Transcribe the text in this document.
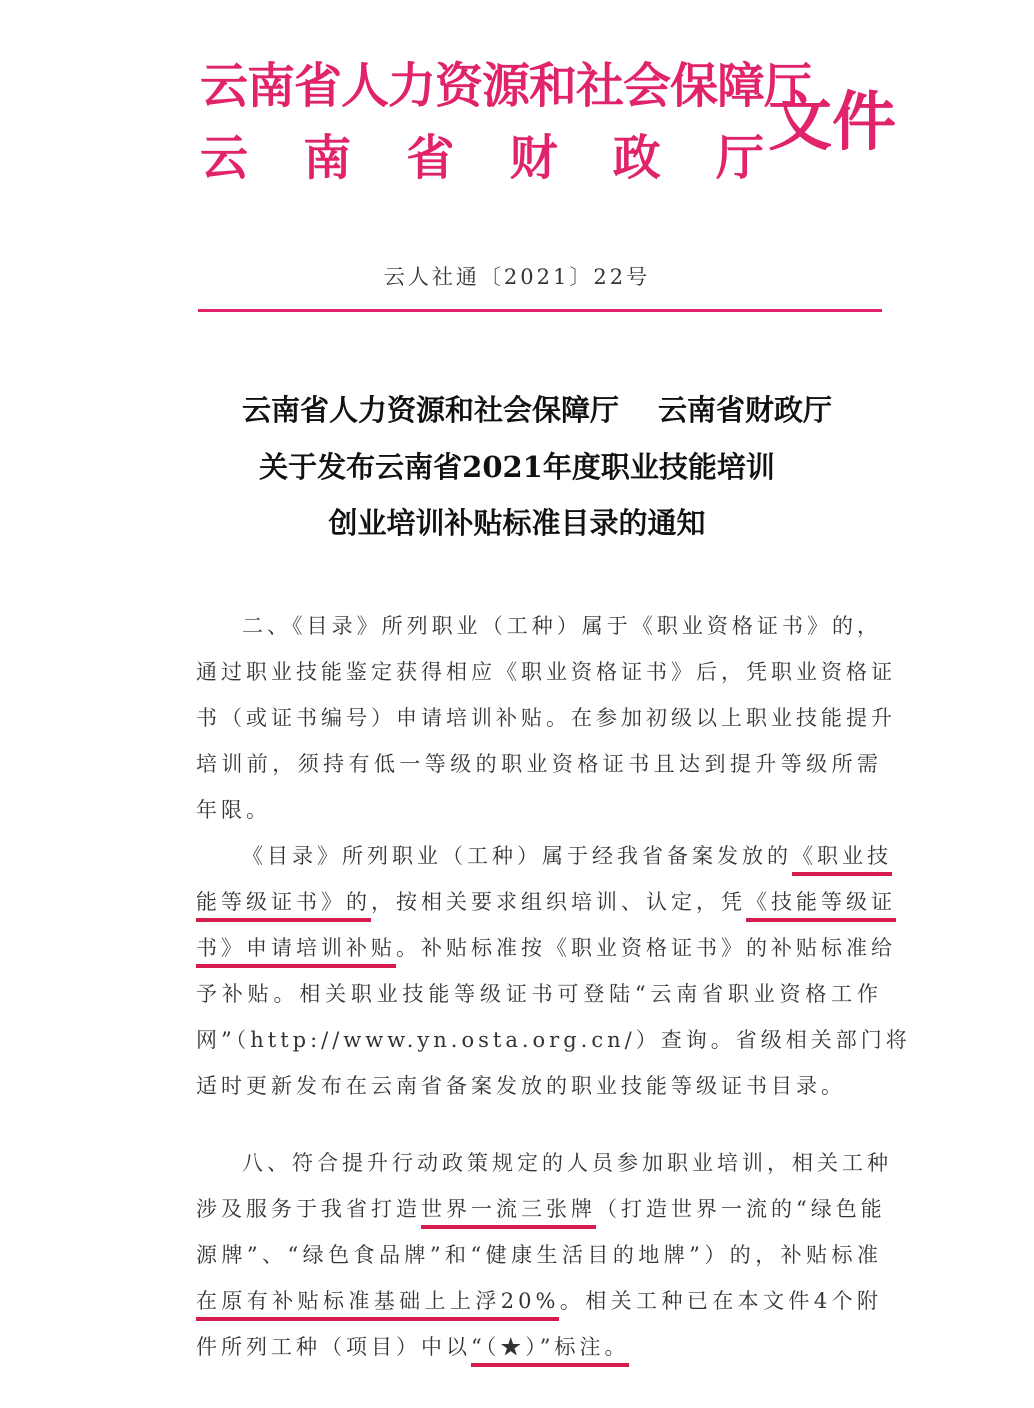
云南省人力资源和社会保障厅
云 南 省 财 政 厅 文件
云人社通〔2021〕22号
云南省人力资源和社会保障厅　 云南省财政厅
关于发布云南省2021年度职业技能培训
创业培训补贴标准目录的通知
二、《目录》所列职业（工种）属于《职业资格证书》的，
通过职业技能鉴定获得相应《职业资格证书》后，凭职业资格证
书（或证书编号）申请培训补贴。在参加初级以上职业技能提升
培训前，须持有低一等级的职业资格证书且达到提升等级所需
年限。
《目录》所列职业（工种）属于经我省备案发放的《职业技
能等级证书》的，按相关要求组织培训、认定，凭《技能等级证
书》申请培训补贴。补贴标准按《职业资格证书》的补贴标准给
予补贴。相关职业技能等级证书可登陆“云南省职业资格工作
网”（http://www.yn.osta.org.cn/）查询。省级相关部门将
适时更新发布在云南省备案发放的职业技能等级证书目录。
八、符合提升行动政策规定的人员参加职业培训，相关工种
涉及服务于我省打造世界一流三张牌（打造世界一流的“绿色能
源牌”、“绿色食品牌”和“健康生活目的地牌”）的，补贴标准
在原有补贴标准基础上上浮20%。相关工种已在本文件4个附
件所列工种（项目）中以“（★）”标注。
